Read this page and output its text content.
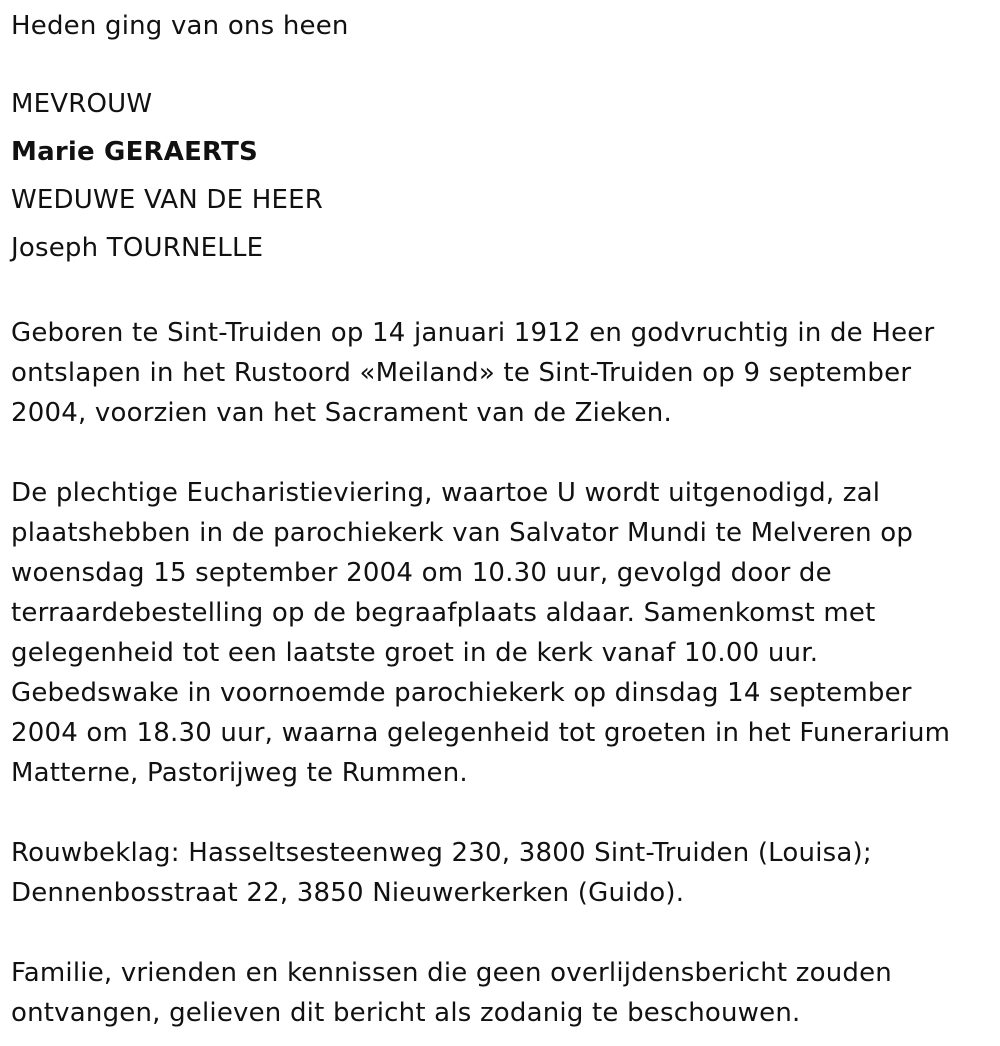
Heden ging van ons heen

MEVROUW

Marie GERAERTS

WEDUWE VAN DE HEER

Joseph TOURNELLE

Geboren te Sint-Truiden op 14 januari 1912 en godvruchtig in de Heer
ontslapen in het Rustoord «Meiland» te Sint-Truiden op 9 september
2004, voorzien van het Sacrament van de Zieken.

De plechtige Eucharistieviering, waartoe U wordt uitgenodigd, zal
plaatshebben in de parochiekerk van Salvator Mundi te Melveren op
woensdag 15 september 2004 om 10.30 uur, gevolgd door de
terraardebestelling op de begraafplaats aldaar. Samenkomst met
gelegenheid tot een laatste groet in de kerk vanaf 10.00 uur.
Gebedswake in voornoemde parochiekerk op dinsdag 14 september
2004 om 18.30 uur, waarna gelegenheid tot groeten in het Funerarium
Matterne, Pastorijweg te Rummen.

Rouwbeklag: Hasseltsesteenweg 230, 3800 Sint-Truiden (Louisa);
Dennenbosstraat 22, 3850 Nieuwerkerken (Guido).

Familie, vrienden en kennissen die geen overlijdensbericht zouden
ontvangen, gelieven dit bericht als zodanig te beschouwen.
